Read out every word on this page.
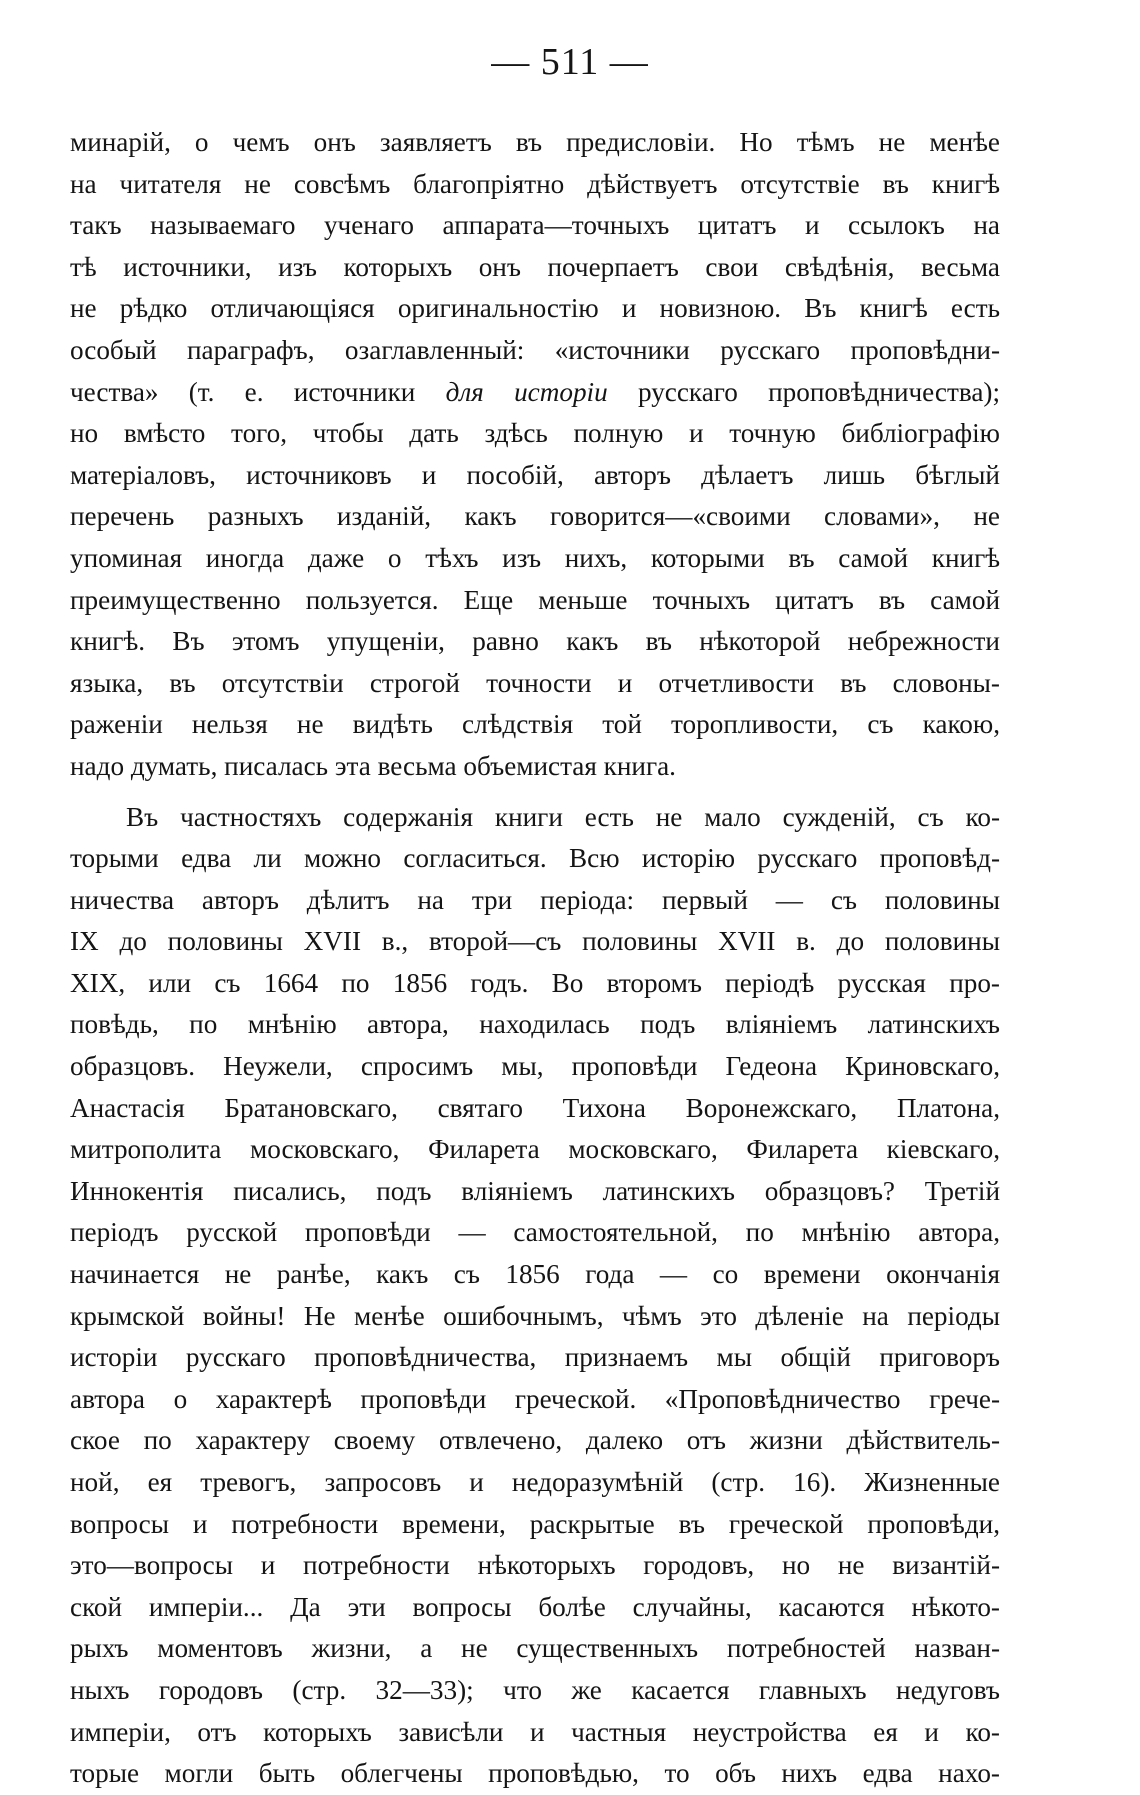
— 511 —
минарій, о чемъ онъ заявляетъ въ предисловіи. Но тѣмъ не менѣе
на читателя не совсѣмъ благопріятно дѣйствуетъ отсутствіе въ книгѣ
такъ называемаго ученаго аппарата—точныхъ цитатъ и ссылокъ на
тѣ источники, изъ которыхъ онъ почерпаетъ свои свѣдѣнія, весьма
не рѣдко отличающіяся оригинальностію и новизною. Въ книгѣ есть
особый параграфъ, озаглавленный: «источники русскаго проповѣдни-
чества» (т. е. источники для исторіи русскаго проповѣдничества);
но вмѣсто того, чтобы дать здѣсь полную и точную библіографію
матеріаловъ, источниковъ и пособій, авторъ дѣлаетъ лишь бѣглый
перечень разныхъ изданій, какъ говорится—«своими словами», не
упоминая иногда даже о тѣхъ изъ нихъ, которыми въ самой книгѣ
преимущественно пользуется. Еще меньше точныхъ цитатъ въ самой
книгѣ. Въ этомъ упущеніи, равно какъ въ нѣкоторой небрежности
языка, въ отсутствіи строгой точности и отчетливости въ словоны-
раженіи нельзя не видѣть слѣдствія той торопливости, съ какою,
надо думать, писалась эта весьма объемистая книга.
Въ частностяхъ содержанія книги есть не мало сужденій, съ ко-
торыми едва ли можно согласиться. Всю исторію русскаго проповѣд-
ничества авторъ дѣлитъ на три періода: первый — съ половины
IX до половины XVII в., второй—съ половины XVII в. до половины
XIX, или съ 1664 по 1856 годъ. Во второмъ періодѣ русская про-
повѣдь, по мнѣнію автора, находилась подъ вліяніемъ латинскихъ
образцовъ. Неужели, спросимъ мы, проповѣди Гедеона Криновскаго,
Анастасія Братановскаго, святаго Тихона Воронежскаго, Платона,
митрополита московскаго, Филарета московскаго, Филарета кіевскаго,
Иннокентія писались, подъ вліяніемъ латинскихъ образцовъ? Третій
періодъ русской проповѣди — самостоятельной, по мнѣнію автора,
начинается не ранѣе, какъ съ 1856 года — со времени окончанія
крымской войны! Не менѣе ошибочнымъ, чѣмъ это дѣленіе на періоды
исторіи русскаго проповѣдничества, признаемъ мы общій приговоръ
автора о характерѣ проповѣди греческой. «Проповѣдничество грече-
ское по характеру своему отвлечено, далеко отъ жизни дѣйствитель-
ной, ея тревогъ, запросовъ и недоразумѣній (стр. 16). Жизненные
вопросы и потребности времени, раскрытые въ греческой проповѣди,
это—вопросы и потребности нѣкоторыхъ городовъ, но не византій-
ской имперіи... Да эти вопросы болѣе случайны, касаются нѣкото-
рыхъ моментовъ жизни, а не существенныхъ потребностей назван-
ныхъ городовъ (стр. 32—33); что же касается главныхъ недуговъ
имперіи, отъ которыхъ зависѣли и частныя неустройства ея и ко-
торые могли быть облегчены проповѣдью, то объ нихъ едва нахо-
